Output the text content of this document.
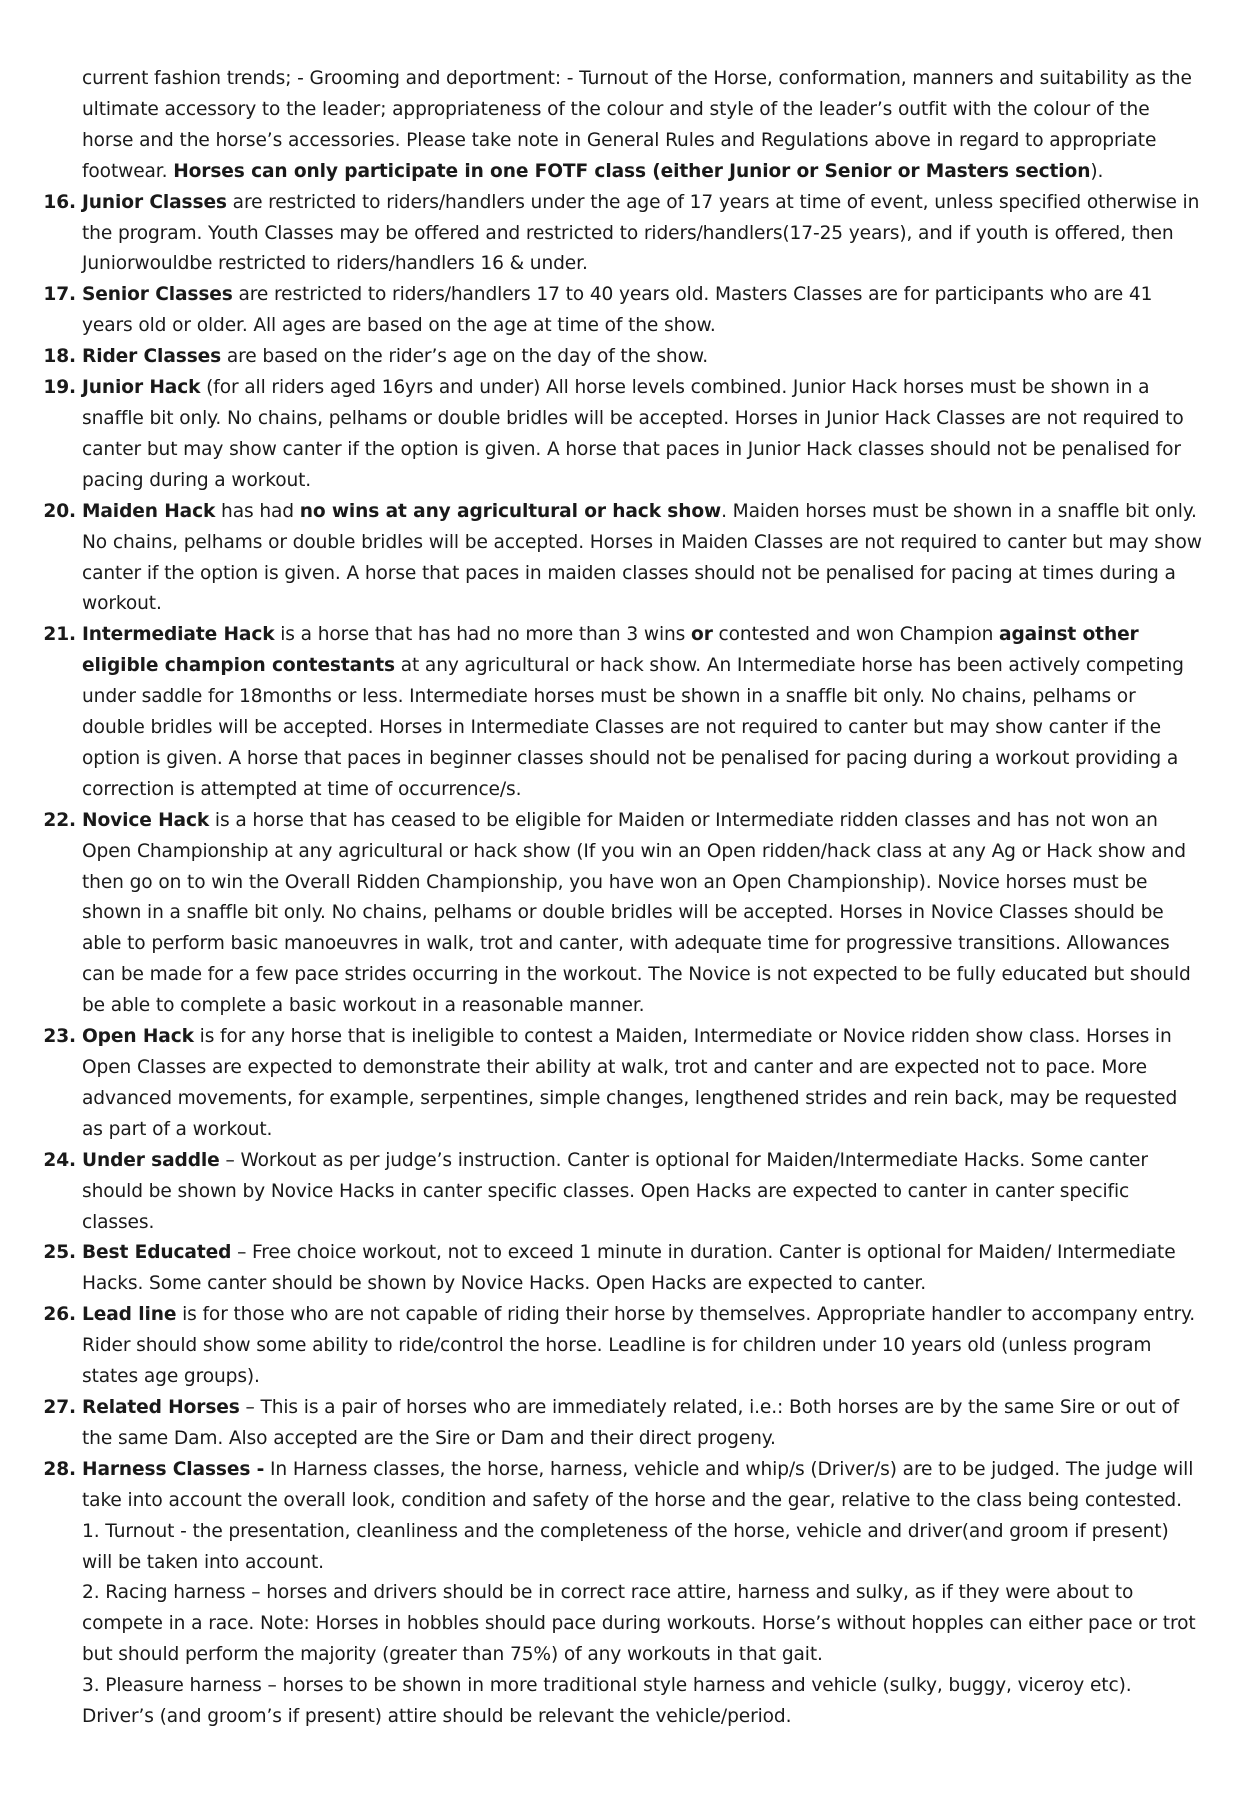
current fashion trends; - Grooming and deportment: - Turnout of the Horse, conformation, manners and suitability as the ultimate accessory to the leader; appropriateness of the colour and style of the leader’s outfit with the colour of the horse and the horse’s accessories. Please take note in General Rules and Regulations above in regard to appropriate footwear. Horses can only participate in one FOTF class (either Junior or Senior or Masters section).
16. Junior Classes are restricted to riders/handlers under the age of 17 years at time of event, unless specified otherwise in the program. Youth Classes may be offered and restricted to riders/handlers(17-25 years), and if youth is offered, then Juniorwouldbe restricted to riders/handlers 16 & under.
17. Senior Classes are restricted to riders/handlers 17 to 40 years old. Masters Classes are for participants who are 41 years old or older. All ages are based on the age at time of the show.
18. Rider Classes are based on the rider’s age on the day of the show.
19. Junior Hack (for all riders aged 16yrs and under) All horse levels combined. Junior Hack horses must be shown in a snaffle bit only. No chains, pelhams or double bridles will be accepted. Horses in Junior Hack Classes are not required to canter but may show canter if the option is given. A horse that paces in Junior Hack classes should not be penalised for pacing during a workout.
20. Maiden Hack has had no wins at any agricultural or hack show. Maiden horses must be shown in a snaffle bit only. No chains, pelhams or double bridles will be accepted. Horses in Maiden Classes are not required to canter but may show canter if the option is given. A horse that paces in maiden classes should not be penalised for pacing at times during a workout.
21. Intermediate Hack is a horse that has had no more than 3 wins or contested and won Champion against other eligible champion contestants at any agricultural or hack show. An Intermediate horse has been actively competing under saddle for 18months or less. Intermediate horses must be shown in a snaffle bit only. No chains, pelhams or double bridles will be accepted. Horses in Intermediate Classes are not required to canter but may show canter if the option is given. A horse that paces in beginner classes should not be penalised for pacing during a workout providing a correction is attempted at time of occurrence/s.
22. Novice Hack is a horse that has ceased to be eligible for Maiden or Intermediate ridden classes and has not won an Open Championship at any agricultural or hack show (If you win an Open ridden/hack class at any Ag or Hack show and then go on to win the Overall Ridden Championship, you have won an Open Championship). Novice horses must be shown in a snaffle bit only. No chains, pelhams or double bridles will be accepted. Horses in Novice Classes should be able to perform basic manoeuvres in walk, trot and canter, with adequate time for progressive transitions. Allowances can be made for a few pace strides occurring in the workout. The Novice is not expected to be fully educated but should be able to complete a basic workout in a reasonable manner.
23. Open Hack is for any horse that is ineligible to contest a Maiden, Intermediate or Novice ridden show class. Horses in Open Classes are expected to demonstrate their ability at walk, trot and canter and are expected not to pace. More advanced movements, for example, serpentines, simple changes, lengthened strides and rein back, may be requested as part of a workout.
24. Under saddle – Workout as per judge’s instruction. Canter is optional for Maiden/Intermediate Hacks. Some canter should be shown by Novice Hacks in canter specific classes. Open Hacks are expected to canter in canter specific classes.
25. Best Educated – Free choice workout, not to exceed 1 minute in duration. Canter is optional for Maiden/ Intermediate Hacks. Some canter should be shown by Novice Hacks. Open Hacks are expected to canter.
26. Lead line is for those who are not capable of riding their horse by themselves. Appropriate handler to accompany entry. Rider should show some ability to ride/control the horse. Leadline is for children under 10 years old (unless program states age groups).
27. Related Horses – This is a pair of horses who are immediately related, i.e.: Both horses are by the same Sire or out of the same Dam. Also accepted are the Sire or Dam and their direct progeny.
28. Harness Classes - In Harness classes, the horse, harness, vehicle and whip/s (Driver/s) are to be judged. The judge will take into account the overall look, condition and safety of the horse and the gear, relative to the class being contested.
1. Turnout - the presentation, cleanliness and the completeness of the horse, vehicle and driver(and groom if present) will be taken into account.
2. Racing harness – horses and drivers should be in correct race attire, harness and sulky, as if they were about to compete in a race. Note: Horses in hobbles should pace during workouts. Horse’s without hopples can either pace or trot but should perform the majority (greater than 75%) of any workouts in that gait.
3. Pleasure harness – horses to be shown in more traditional style harness and vehicle (sulky, buggy, viceroy etc). Driver’s (and groom’s if present) attire should be relevant the vehicle/period.
